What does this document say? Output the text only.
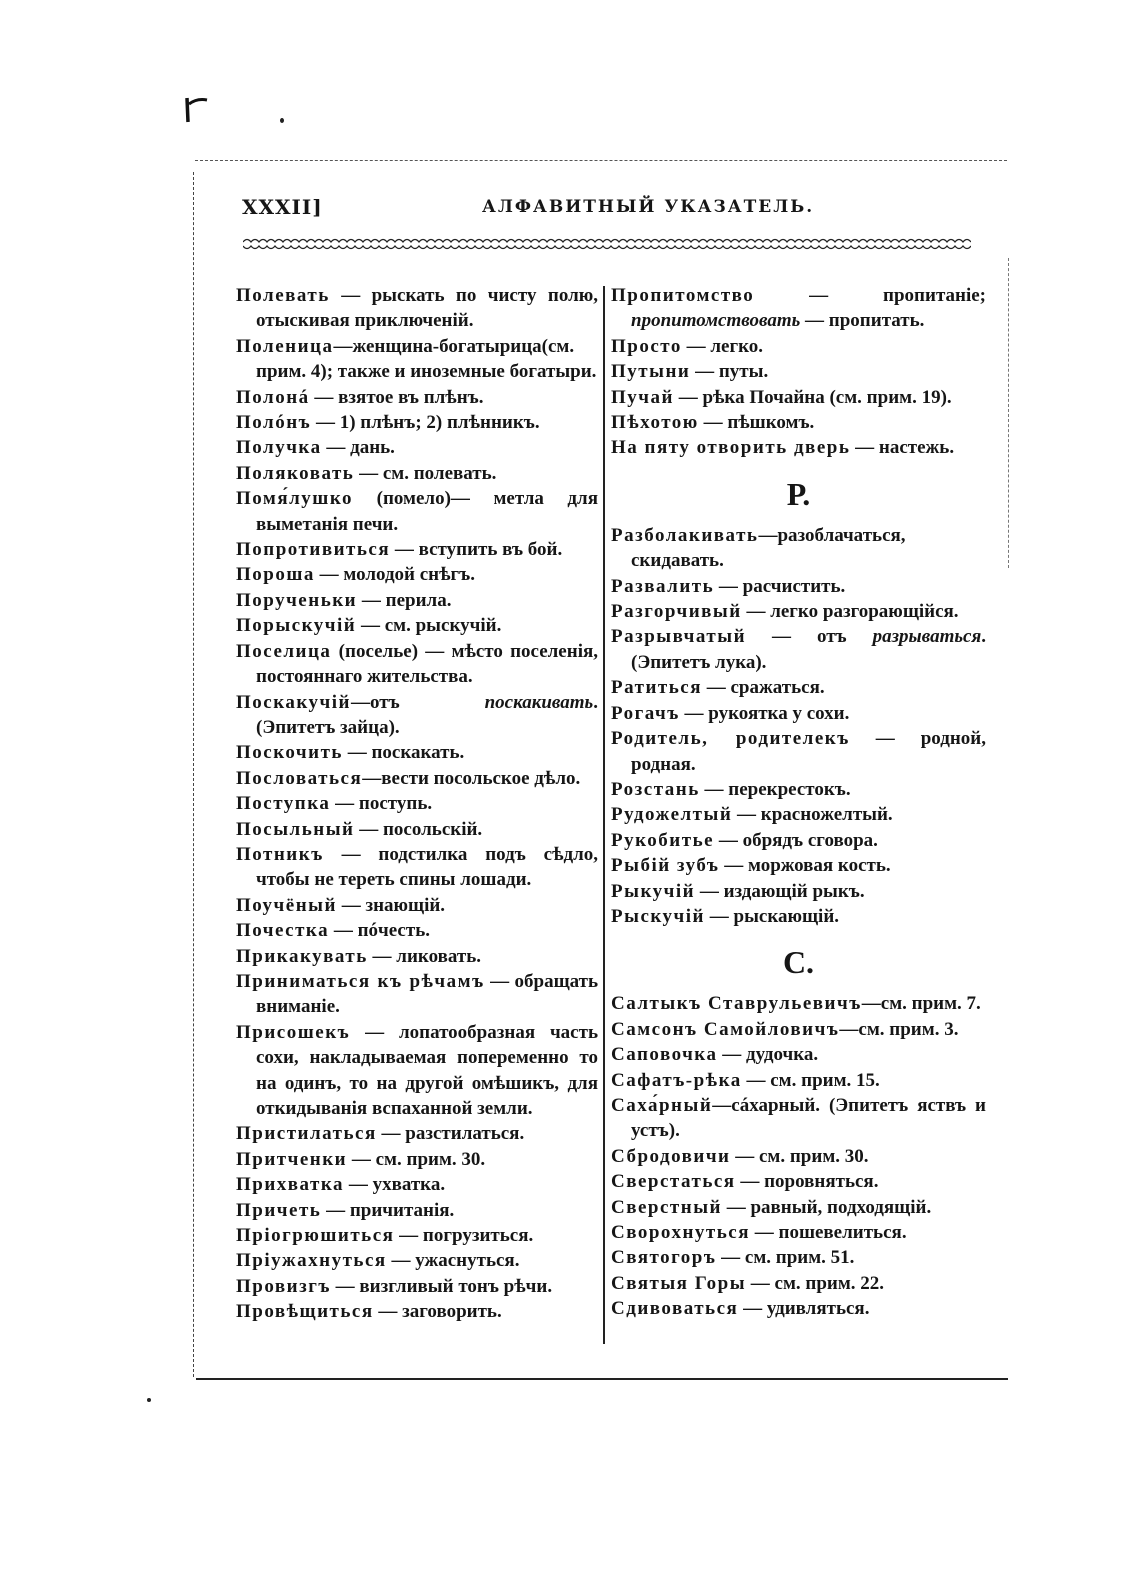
XXXII]	АЛФАВИТНЫЙ УКАЗАТЕЛЬ.
Полевать — рыскать по чисту полю, отыскивая приключеній.
Поленица—женщина-богатырица(см. прим. 4); также и иноземные богатыри.
Полонá — взятое въ плѣнъ.
Полóнъ — 1) плѣнъ; 2) плѣнникъ.
Получка — дань.
Поляковать — см. полевать.
Помя́лушко (помело)— метла для выметанія печи.
Попротивиться — вступить въ бой.
Пороша — молодой снѣгъ.
Порученьки — перила.
Порыскучій — см. рыскучій.
Поселица (поселье) — мѣсто поселенія, постояннаго жительства.
Поскакучій—отъ поскакивать. (Эпитетъ зайца).
Поскочить — поскакать.
Пословаться—вести посольское дѣло.
Поступка — поступь.
Посыльный — посольскій.
Потникъ — подстилка подъ сѣдло, чтобы не тереть спины лошади.
Поучёный — знающій.
Почестка — пóчесть.
Прикакувать — ликовать.
Приниматься къ рѣчамъ — обращать вниманіе.
Присошекъ — лопатообразная часть сохи, накладываемая попеременно то на одинъ, то на другой омѣшикъ, для откидыванія вспаханной земли.
Пристилаться — разстилаться.
Притченки — см. прим. 30.
Прихватка — ухватка.
Причеть — причитанія.
Пріогрюшиться — погрузиться.
Пріужахнуться — ужаснуться.
Провизгъ — визгливый тонъ рѣчи.
Провѣщиться — заговорить.
Пропитомство — пропитаніе; пропитомствовать — пропитать.
Просто — легко.
Путыни — путы.
Пучай — рѣка Почайна (см. прим. 19).
Пѣхотою — пѣшкомъ.
На пяту отворить дверь — настежь.
Р.
Разболакивать—разоблачаться, скидавать.
Развалить — расчистить.
Разгорчивый — легко разгорающійся.
Разрывчатый — отъ разрываться. (Эпитетъ лука).
Ратиться — сражаться.
Рогачъ — рукоятка у сохи.
Родитель, родителекъ — родной, родная.
Розстань — перекрестокъ.
Рудожелтый — красножелтый.
Рукобитье — обрядъ сговора.
Рыбій зубъ — моржовая кость.
Рыкучій — издающій рыкъ.
Рыскучій — рыскающій.
С.
Салтыкъ Ставрульевичъ—см. прим. 7.
Самсонъ Самойловичъ—см. прим. 3.
Саповочка — дудочка.
Сафатъ-рѣка — см. прим. 15.
Саха́рный—сáхарный. (Эпитетъ яствъ и устъ).
Сбродовичи — см. прим. 30.
Сверстаться — поровняться.
Сверстный — равный, подходящій.
Сворохнуться — пошевелиться.
Святогоръ — см. прим. 51.
Святыя Горы — см. прим. 22.
Сдивоваться — удивляться.
